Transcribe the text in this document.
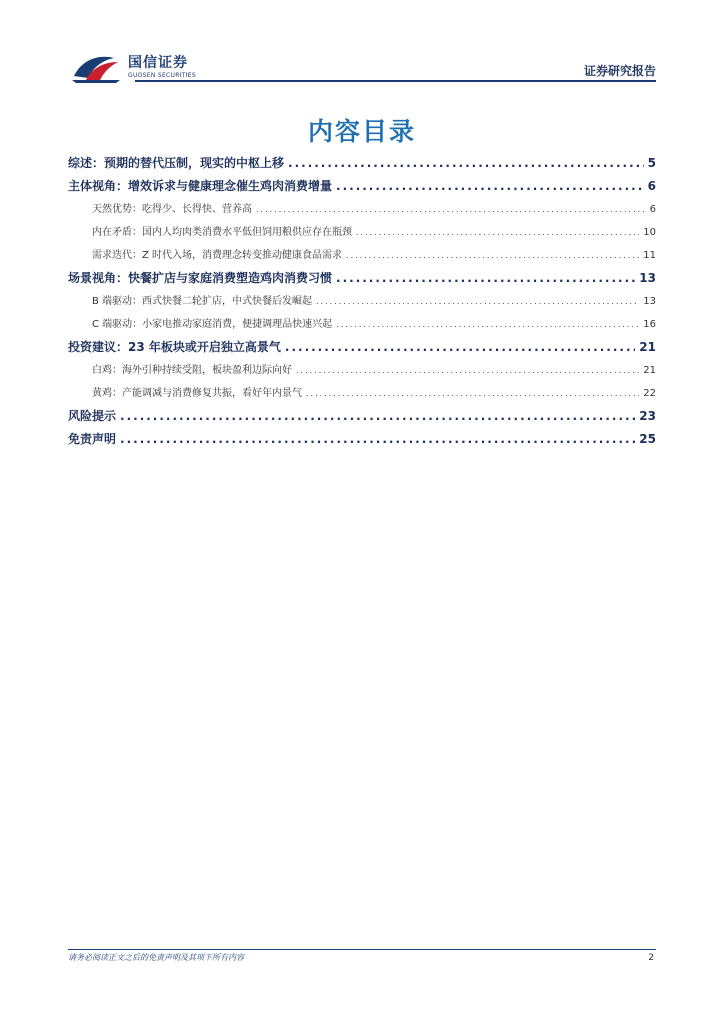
国信证券
GUOSEN SECURITIES	证券研究报告
内容目录
综述：预期的替代压制，现实的中枢上移 .....	5
主体视角：增效诉求与健康理念催生鸡肉消费增量 .....	6
天然优势：吃得少、长得快、营养高 .....	6
内在矛盾：国内人均肉类消费水平低但饲用粮供应存在瓶颈 .....	10
需求迭代：Z 时代入场，消费理念转变推动健康食品需求 .....	11
场景视角：快餐扩店与家庭消费塑造鸡肉消费习惯 .....	13
B 端驱动：西式快餐二轮扩店，中式快餐后发崛起 .....	13
C 端驱动：小家电推动家庭消费，便捷调理品快速兴起 .....	16
投资建议：23 年板块或开启独立高景气 .....	21
白鸡：海外引种持续受阻，板块盈利边际向好 .....	21
黄鸡：产能调减与消费修复共振，看好年内景气 .....	22
风险提示 .....	23
免责声明 .....	25
请务必阅读正文之后的免责声明及其项下所有内容	2
